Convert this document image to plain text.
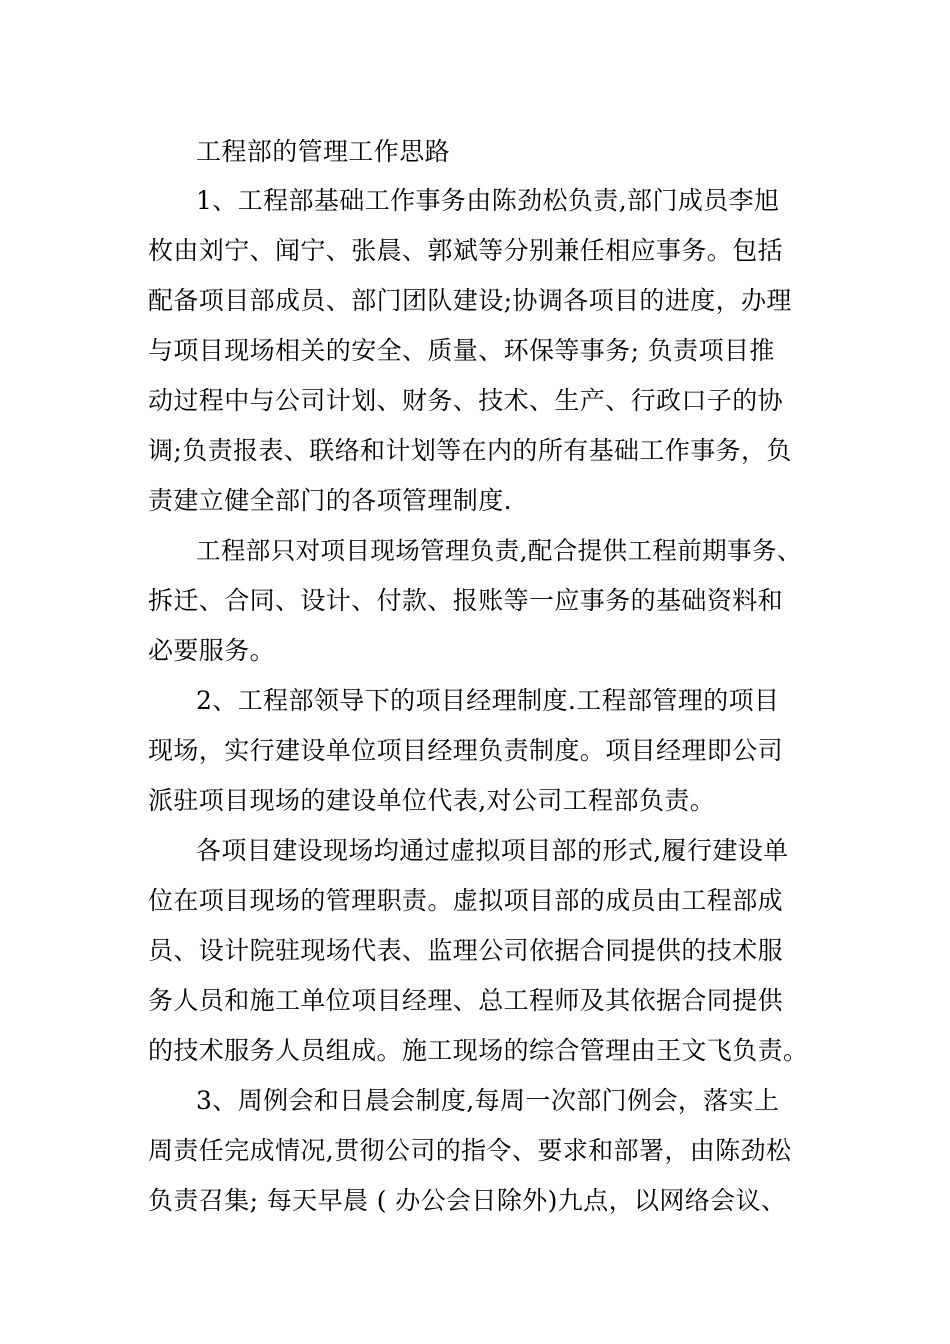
工程部的管理工作思路
1、工程部基础工作事务由陈劲松负责,部门成员李旭
枚由刘宁、闻宁、张晨、郭斌等分别兼任相应事务。包括
配备项目部成员、部门团队建设;协调各项目的进度，办理
与项目现场相关的安全、质量、环保等事务; 负责项目推
动过程中与公司计划、财务、技术、生产、行政口子的协
调;负责报表、联络和计划等在内的所有基础工作事务，负
责建立健全部门的各项管理制度.
工程部只对项目现场管理负责,配合提供工程前期事务、
拆迁、合同、设计、付款、报账等一应事务的基础资料和
必要服务。
2、工程部领导下的项目经理制度.工程部管理的项目
现场，实行建设单位项目经理负责制度。项目经理即公司
派驻项目现场的建设单位代表,对公司工程部负责。
各项目建设现场均通过虚拟项目部的形式,履行建设单
位在项目现场的管理职责。虚拟项目部的成员由工程部成
员、设计院驻现场代表、监理公司依据合同提供的技术服
务人员和施工单位项目经理、总工程师及其依据合同提供
的技术服务人员组成。施工现场的综合管理由王文飞负责。
3、周例会和日晨会制度,每周一次部门例会，落实上
周责任完成情况,贯彻公司的指令、要求和部署，由陈劲松
负责召集; 每天早晨 ( 办公会日除外)九点，以网络会议、
